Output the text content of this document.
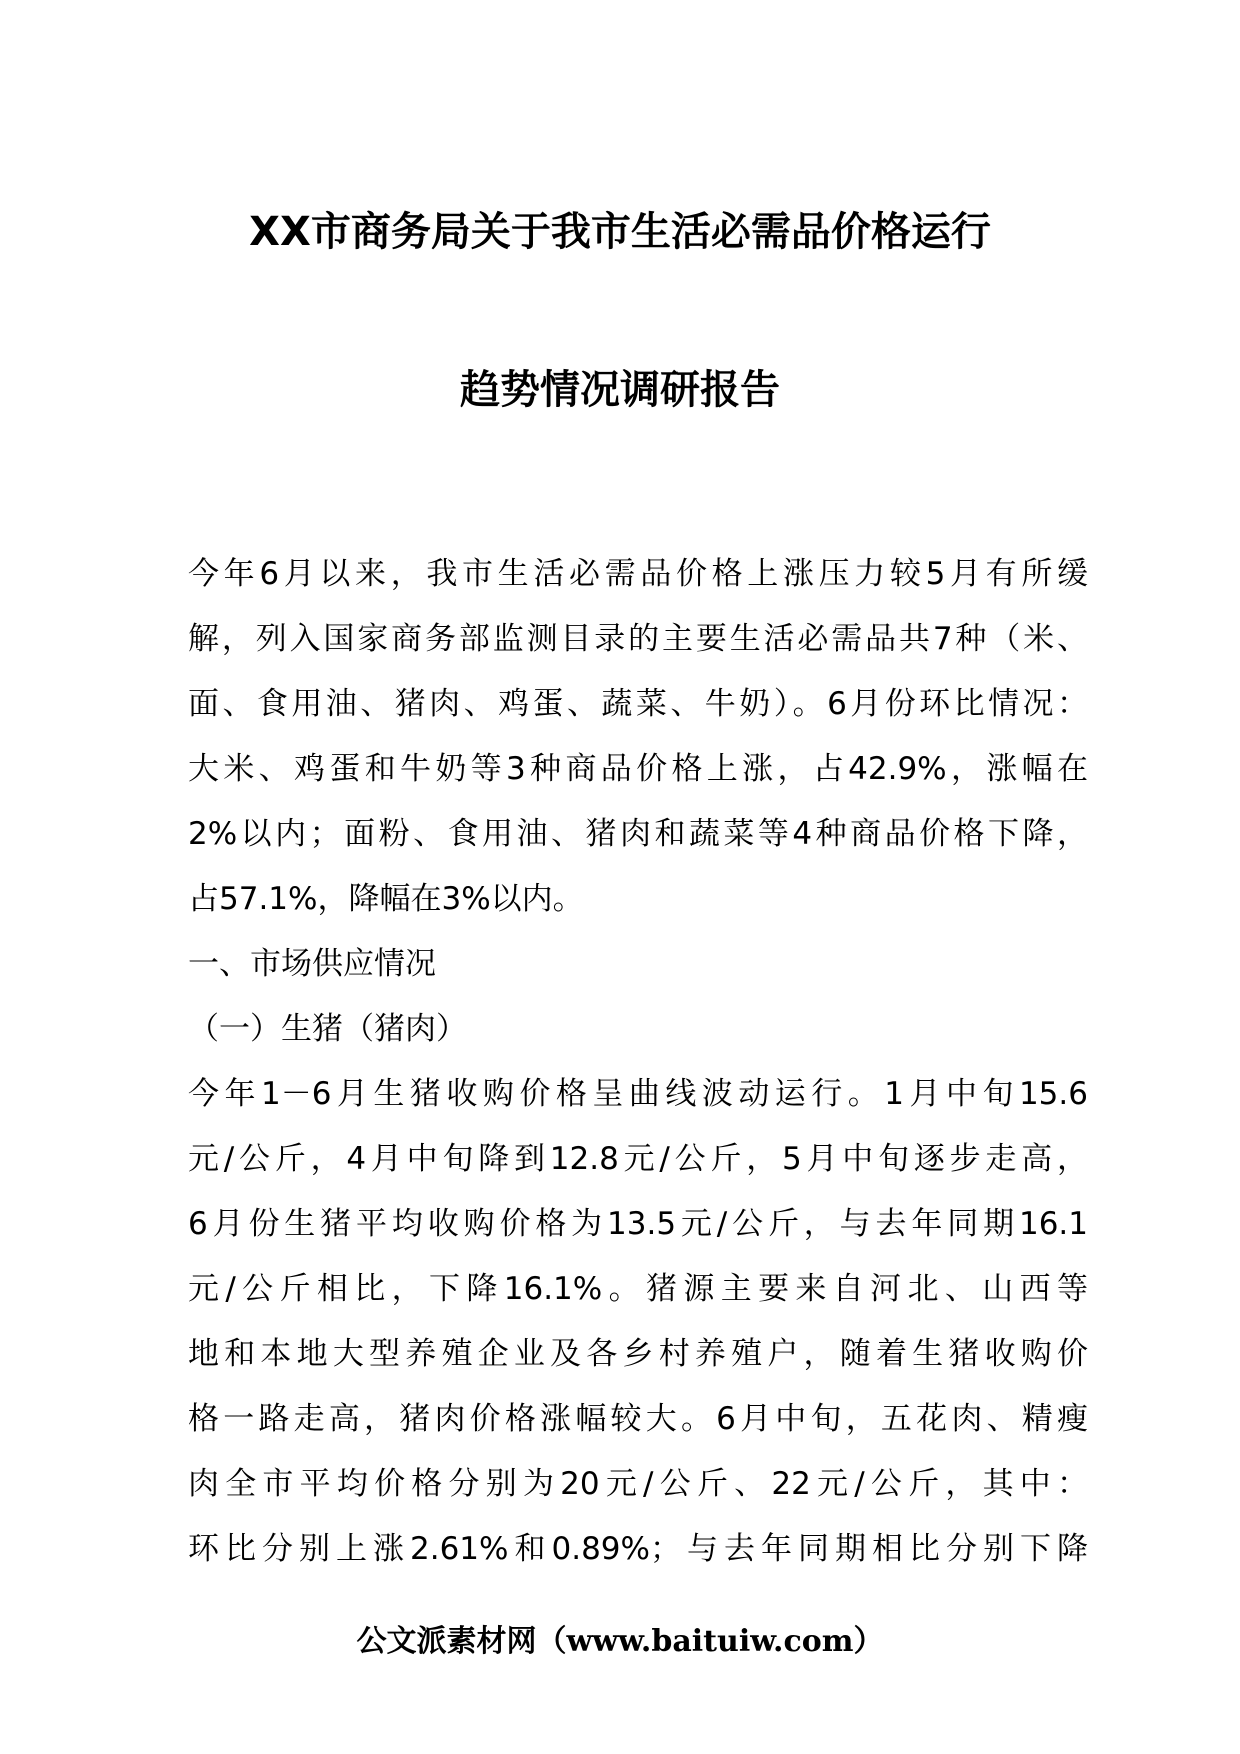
XX市商务局关于我市生活必需品价格运行
趋势情况调研报告
今年6月以来，我市生活必需品价格上涨压力较5月有所缓
解，列入国家商务部监测目录的主要生活必需品共7种（米、
面、食用油、猪肉、鸡蛋、蔬菜、牛奶）。6月份环比情况：
大米、鸡蛋和牛奶等3种商品价格上涨，占42.9%，涨幅在
2%以内；面粉、食用油、猪肉和蔬菜等4种商品价格下降，
占57.1%，降幅在3%以内。
一、市场供应情况
（一）生猪（猪肉）
今年1－6月生猪收购价格呈曲线波动运行。1月中旬15.6
元/公斤，4月中旬降到12.8元/公斤，5月中旬逐步走高，
6月份生猪平均收购价格为13.5元/公斤，与去年同期16.1
元/公斤相比，下降16.1%。猪源主要来自河北、山西等
地和本地大型养殖企业及各乡村养殖户，随着生猪收购价
格一路走高，猪肉价格涨幅较大。6月中旬，五花肉、精瘦
肉全市平均价格分别为20元/公斤、22元/公斤，其中：
环比分别上涨2.61%和0.89%；与去年同期相比分别下降
公文派素材网（www.baituiw.com）
